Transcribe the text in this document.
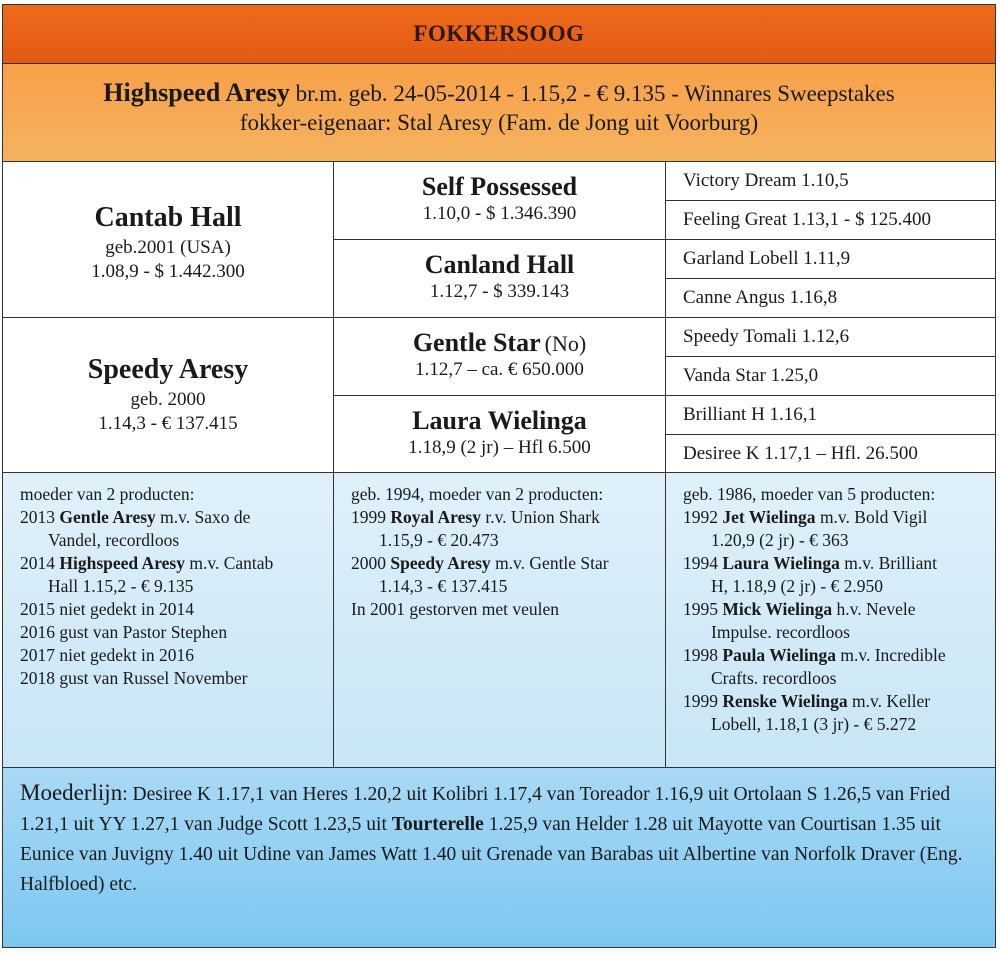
FOKKERSOOG
Highspeed Aresy br.m. geb. 24-05-2014 - 1.15,2 - € 9.135 - Winnares Sweepstakes
fokker-eigenaar: Stal Aresy (Fam. de Jong uit Voorburg)
Cantab Hall
geb.2001 (USA)
1.08,9 - $ 1.442.300
Speedy Aresy
geb. 2000
1.14,3 - € 137.415
Self Possessed
1.10,0 - $ 1.346.390
Canland Hall
1.12,7 - $ 339.143
Gentle Star (No)
1.12,7 – ca. € 650.000
Laura Wielinga
1.18,9 (2 jr) – Hfl 6.500
Victory Dream 1.10,5
Feeling Great 1.13,1 - $ 125.400
Garland Lobell 1.11,9
Canne Angus 1.16,8
Speedy Tomali 1.12,6
Vanda Star 1.25,0
Brilliant H 1.16,1
Desiree K 1.17,1 – Hfl. 26.500
moeder van 2 producten:
2013 Gentle Aresy m.v. Saxo de
Vandel, recordloos
2014 Highspeed Aresy m.v. Cantab
Hall 1.15,2 - € 9.135
2015 niet gedekt in 2014
2016 gust van Pastor Stephen
2017 niet gedekt in 2016
2018 gust van Russel November
geb. 1994, moeder van 2 producten:
1999 Royal Aresy r.v. Union Shark
1.15,9 - € 20.473
2000 Speedy Aresy m.v. Gentle Star
1.14,3 - € 137.415
In 2001 gestorven met veulen
geb. 1986, moeder van 5 producten:
1992 Jet Wielinga m.v. Bold Vigil
1.20,9 (2 jr) - € 363
1994 Laura Wielinga m.v. Brilliant
H, 1.18,9 (2 jr) - € 2.950
1995 Mick Wielinga h.v. Nevele
Impulse. recordloos
1998 Paula Wielinga m.v. Incredible
Crafts. recordloos
1999 Renske Wielinga m.v. Keller
Lobell, 1.18,1 (3 jr) - € 5.272
Moederlijn: Desiree K 1.17,1 van Heres 1.20,2 uit Kolibri 1.17,4 van Toreador 1.16,9 uit Ortolaan S 1.26,5 van Fried 1.21,1 uit YY 1.27,1 van Judge Scott 1.23,5 uit Tourterelle 1.25,9 van Helder 1.28 uit Mayotte van Courtisan 1.35 uit Eunice van Juvigny 1.40 uit Udine van James Watt 1.40 uit Grenade van Barabas uit Albertine van Norfolk Draver (Eng. Halfbloed) etc.
